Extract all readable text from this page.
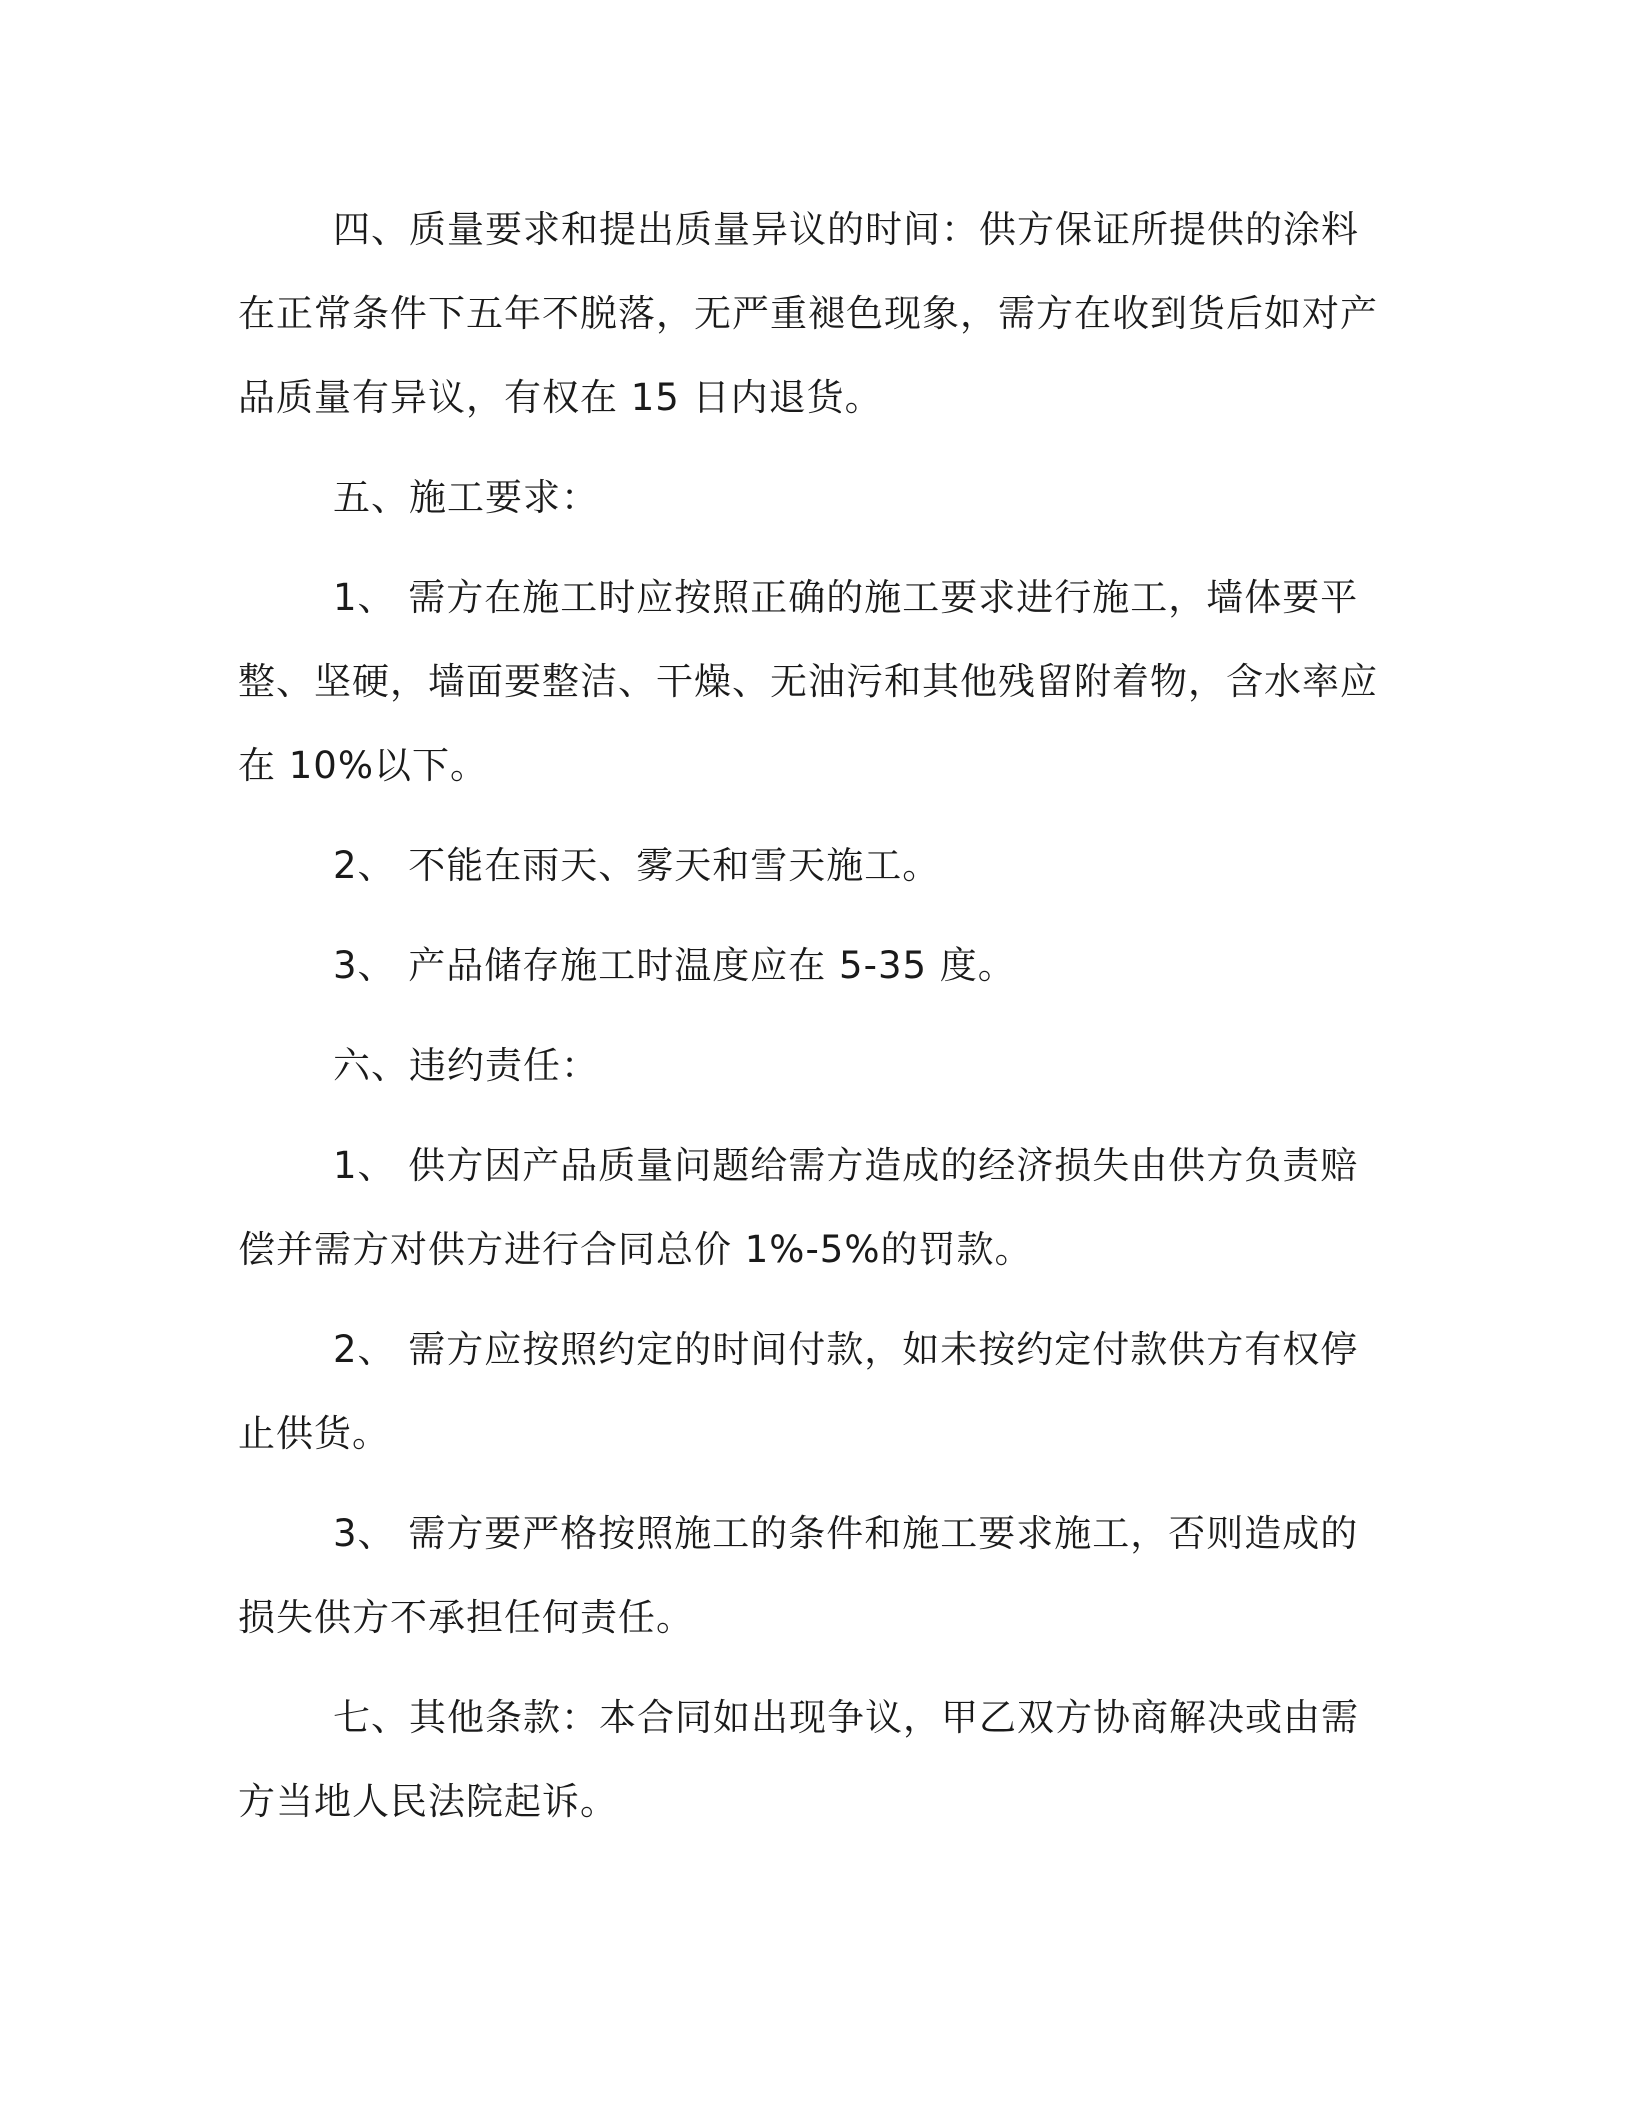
四、质量要求和提出质量异议的时间：供方保证所提供的涂料在正常条件下五年不脱落，无严重褪色现象，需方在收到货后如对产品质量有异议，有权在 15 日内退货。

五、施工要求：

1、 需方在施工时应按照正确的施工要求进行施工，墙体要平整、坚硬，墙面要整洁、干燥、无油污和其他残留附着物，含水率应在 10%以下。

2、 不能在雨天、雾天和雪天施工。

3、 产品储存施工时温度应在 5-35 度。

六、违约责任：

1、 供方因产品质量问题给需方造成的经济损失由供方负责赔偿并需方对供方进行合同总价 1%-5%的罚款。

2、 需方应按照约定的时间付款，如未按约定付款供方有权停止供货。

3、 需方要严格按照施工的条件和施工要求施工，否则造成的损失供方不承担任何责任。

七、其他条款：本合同如出现争议，甲乙双方协商解决或由需方当地人民法院起诉。
